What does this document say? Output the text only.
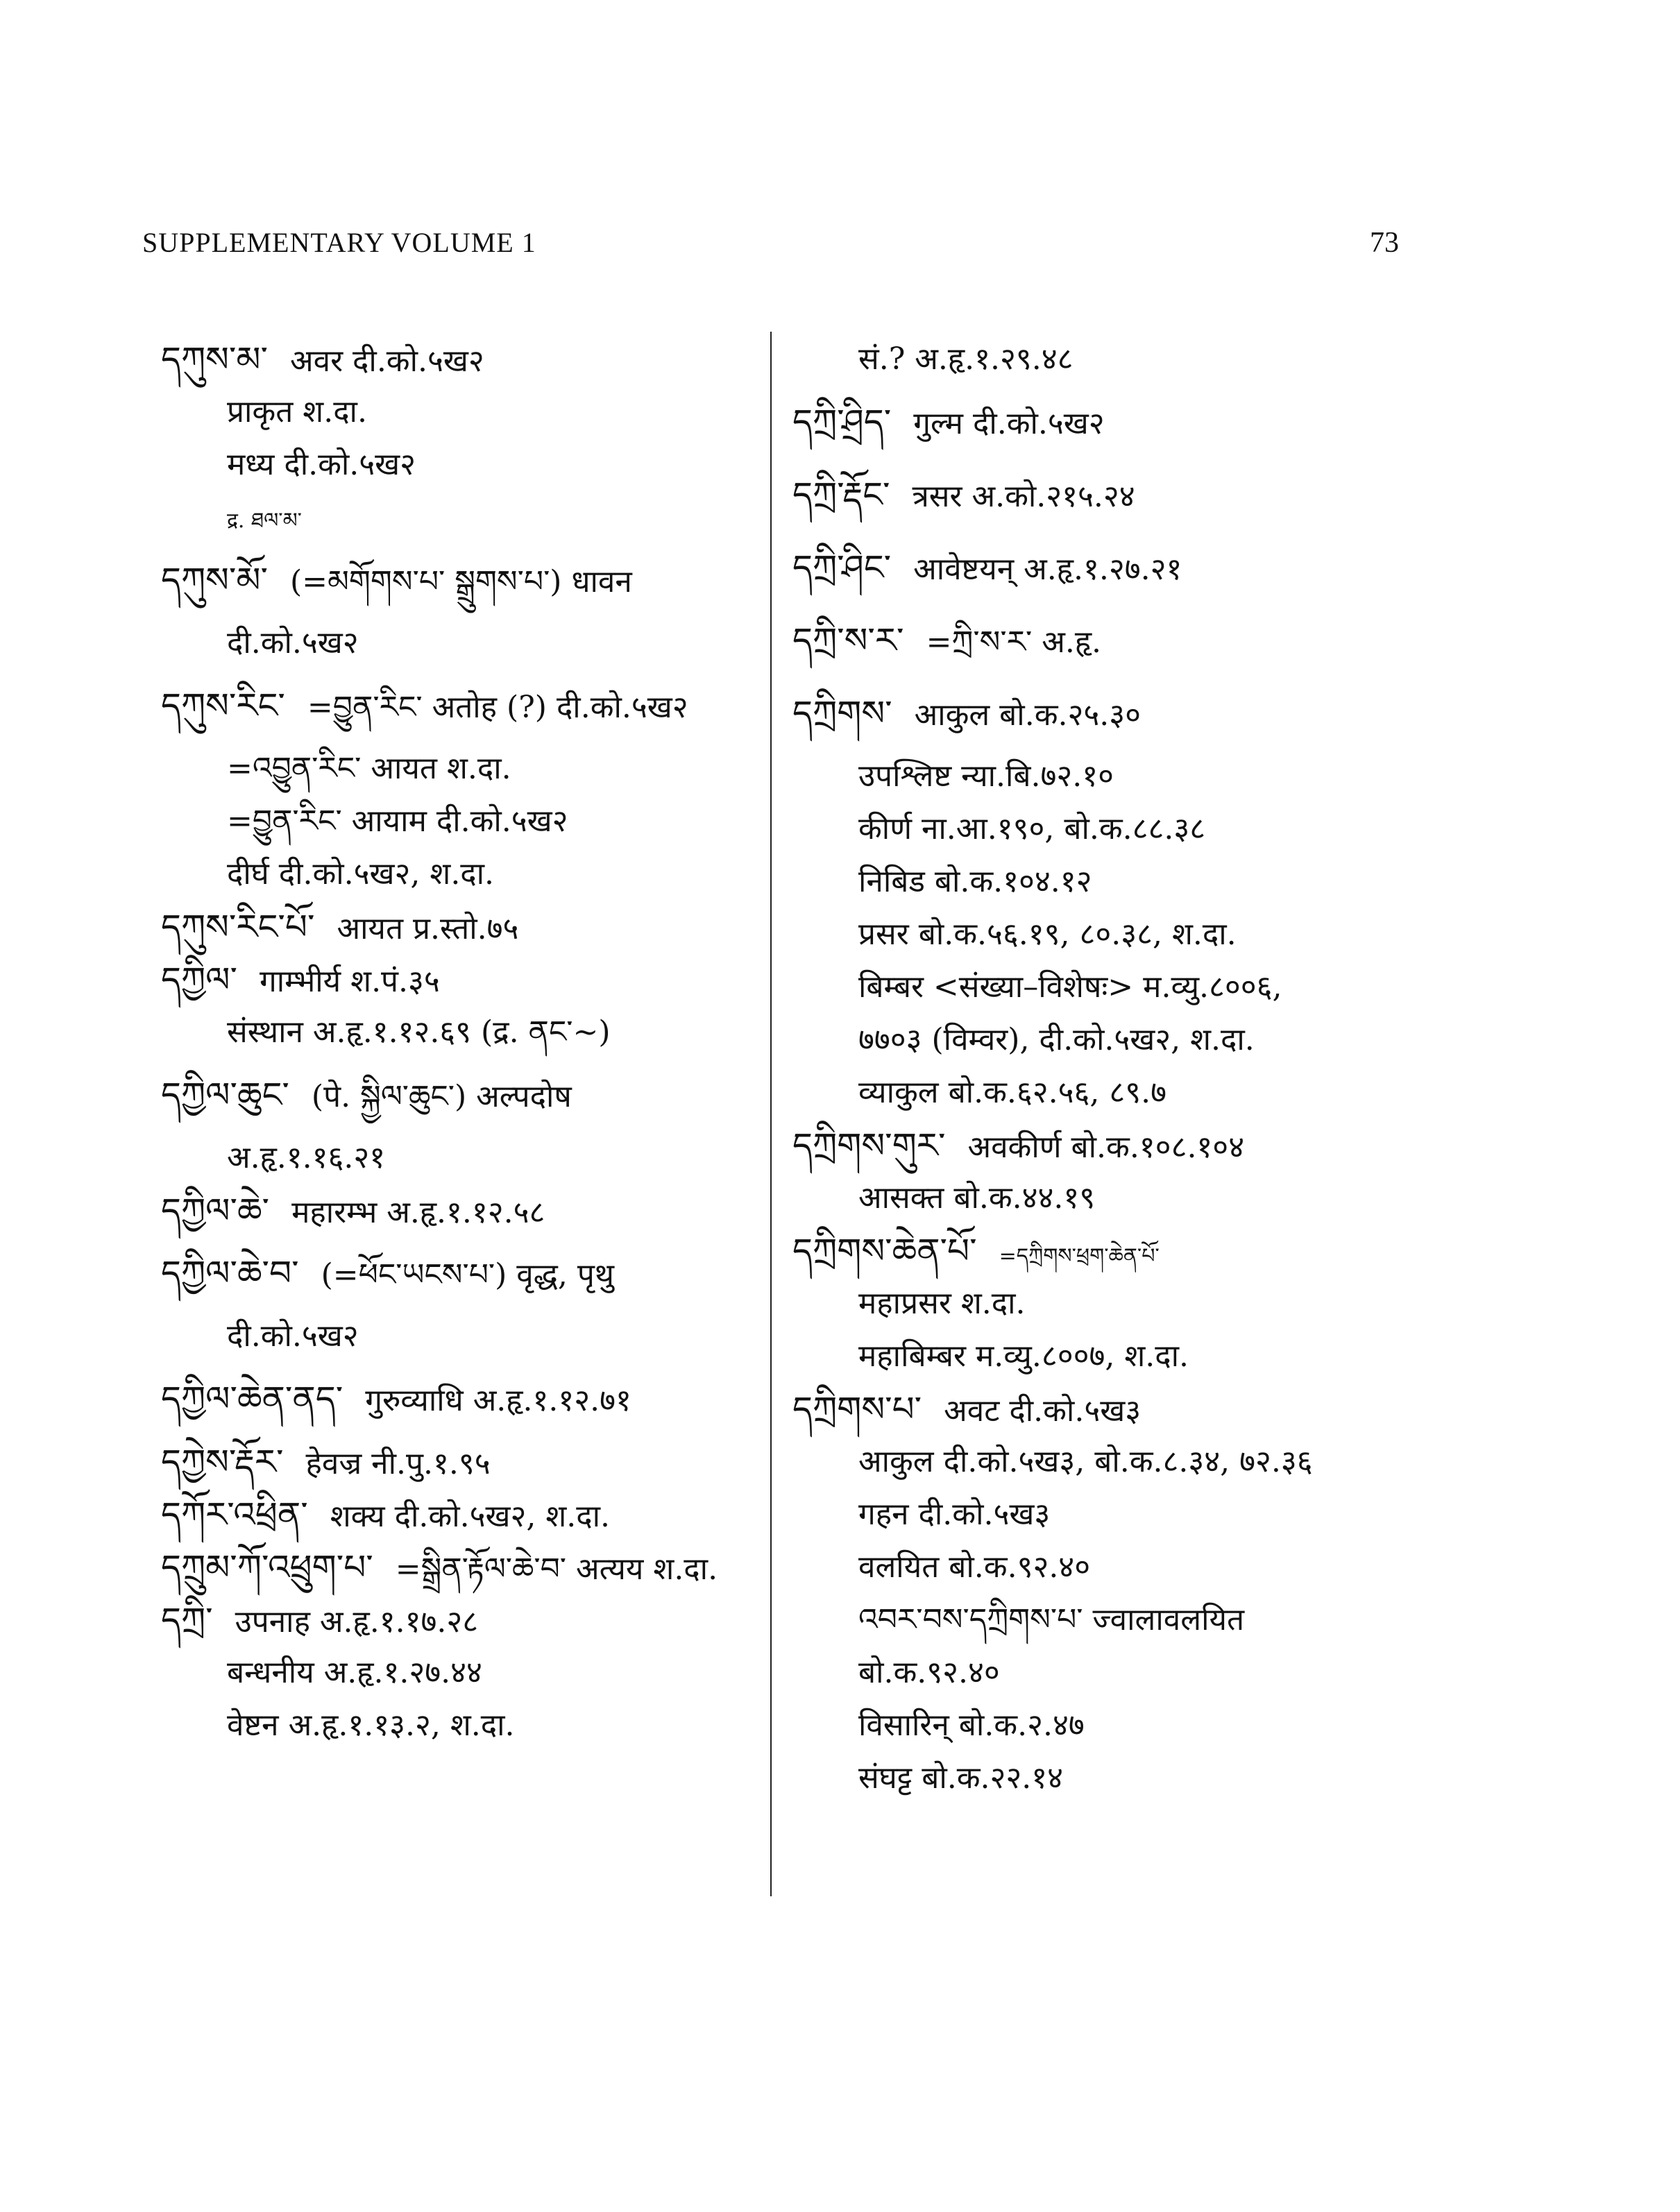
SUPPLEMENTARY VOLUME 1	73
དཀུས་མ་ अवर दी.को.५ख२
प्राकृत श.दा.
मध्य दी.को.५ख२
द्र. ཐལ་མ་
དཀུས་མོ་ (=མགོགས་པ་ སྒྲུགས་པ་) धावन
दी.को.५ख२
དཀུས་རིང་ =བྱུན་རིང་ अतोह (?) दी.को.५ख२
=འབྱུན་རིང་ आयत श.दा.
=བྱུན་རིང་ आयाम दी.को.५ख२
दीर्घ दी.को.५ख२, श.दा.
དཀུས་རིང་པོ་ आयत प्र.स्तो.७५
དཀྱིལ་ गाम्भीर्य श.पं.३५
संस्थान अ.हृ.१.१२.६९ (द्र. ནང་~)
དཀྱིལ་ཆུང་ (पे. སྐྱིལ་ཆུང་) अल्पदोष
अ.हृ.१.१६.२१
དཀྱིལ་ཆེ་ महारम्भ अ.हृ.१.१२.५८
དཀྱིལ་ཆེ་བ་ (=ཕོང་ཡངས་པ་) वृद्ध, पृथु
दी.को.५ख२
དཀྱིལ་ཆེན་ནད་ गुरुव्याधि अ.हृ.१.१२.७१
དཀྱེས་རྡོར་ हेवज्र नी.पु.१.९५
དཀོར་འཕྲིན་ शक्य दी.को.५ख२, श.दा.
དཀྲུམ་ཀོ་འཕྲུག་པ་ =སྒྲིན་རྟོལ་ཆེ་བ་ अत्यय श.दा.
དཀྲི་ उपनाह अ.हृ.१.१७.२८
बन्धनीय अ.हृ.१.२७.४४
वेष्टन अ.हृ.१.१३.२, श.दा.
सं.? अ.हृ.१.२९.४८
དཀྲི་ཤྲིད་ गुल्म दी.को.५ख२
དཀྲི་རྡོང་ त्रसर अ.को.२१५.२४
དཀྲི་ཤིང་ आवेष्टयन् अ.हृ.१.२७.२१
དཀྲི་ས་ར་ =ཀྲི་ས་ར་ अ.हृ.
དཀྲིགས་ आकुल बो.क.२५.३०
उपश्लिष्ट न्या.बि.७२.१०
कीर्ण ना.आ.१९०, बो.क.८८.३८
निबिड बो.क.१०४.१२
प्रसर बो.क.५६.१९, ८०.३८, श.दा.
बिम्बर <संख्या–विशेषः> म.व्यु.८००६,
७७०३ (विम्वर), दी.को.५ख२, श.दा.
व्याकुल बो.क.६२.५६, ८९.७
དཀྲིགས་གུར་ अवकीर्ण बो.क.१०८.१०४
आसक्त बो.क.४४.१९
དཀྲིགས་ཆེན་པོ་ =དཀྲིགས་ཕྲག་ཆེན་པོ་
महाप्रसर श.दा.
महाबिम्बर म.व्यु.८००७, श.दा.
དཀྲིགས་པ་ अवट दी.को.५ख३
आकुल दी.को.५ख३, बो.क.८.३४, ७२.३६
गहन दी.को.५ख३
वलयित बो.क.९२.४०
འབར་བས་དཀྲིགས་པ་ ज्वालावलयित
बो.क.९२.४०
विसारिन् बो.क.२.४७
संघट्ट बो.क.२२.१४
